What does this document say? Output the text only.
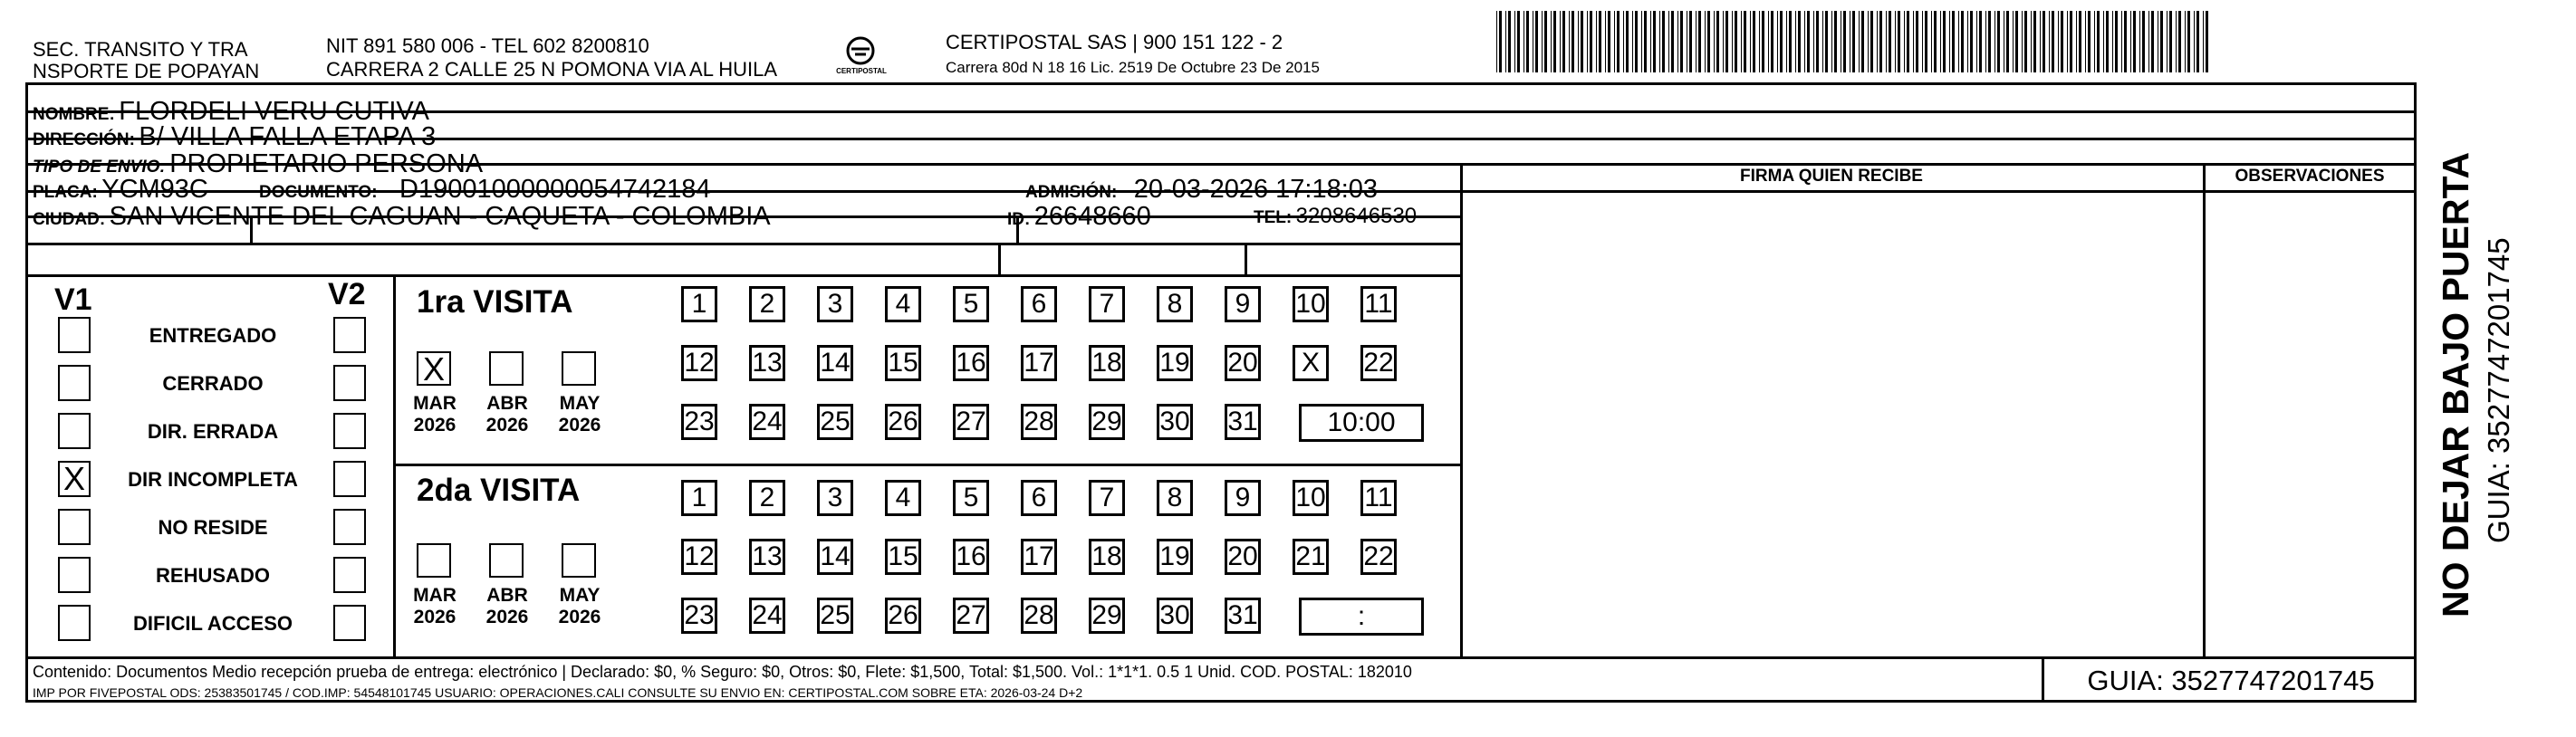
SEC. TRANSITO Y TRA
NSPORTE DE POPAYAN
NIT 891 580 006 - TEL 602 8200810
CARRERA 2 CALLE 25 N POMONA VIA AL HUILA	CERTIPOSTAL
CERTIPOSTAL SAS | 900 151 122 - 2
Carrera 80d N 18 16 Lic. 2519 De Octubre 23 De 2015
NOMBRE: FLORDELI VERU CUTIVA
DIRECCIÓN: B/ VILLA FALLA ETAPA 3
TIPO DE ENVIO: PROPIETARIO PERSONA
PLACA: YCM93C	DOCUMENTO: D19001000000054742184	ADMISIÓN: 20-03-2026 17:18:03
CIUDAD: SAN VICENTE DEL CAGUAN - CAQUETA - COLOMBIA	ID: 26648660	TEL: 3208646530
FIRMA QUIEN RECIBE	OBSERVACIONES
V1	V2
ENTREGADO
CERRADO
DIR. ERRADA
X	DIR INCOMPLETA
NO RESIDE
REHUSADO
DIFICIL ACCESO
1ra VISITA
2da VISITA
X
MAR
2026
ABR
2026
MAY
2026
MAR
2026
ABR
2026
MAY
2026
1	2	3	4	5	6	7	8	9	10 11
12 13 14 15 16 17 18 19 20	X	22
23 24 25 26 27 28 29 30 31	10:00
1	2	3	4	5	6	7	8	9	10 11
12 13 14 15 16 17 18 19 20 21 22
23 24 25 26 27 28 29 30 31	:
Contenido: Documentos Medio recepción prueba de entrega: electrónico | Declarado: $0, % Seguro: $0, Otros: $0, Flete: $1,500, Total: $1,500. Vol.: 1*1*1. 0.5 1 Unid. COD. POSTAL: 182010
IMP POR FIVEPOSTAL ODS: 25383501745 / COD.IMP: 54548101745 USUARIO: OPERACIONES.CALI CONSULTE SU ENVIO EN: CERTIPOSTAL.COM SOBRE ETA: 2026-03-24 D+2	GUIA: 3527747201745
NO DEJAR BAJO PUERTA GUIA: 3527747201745
